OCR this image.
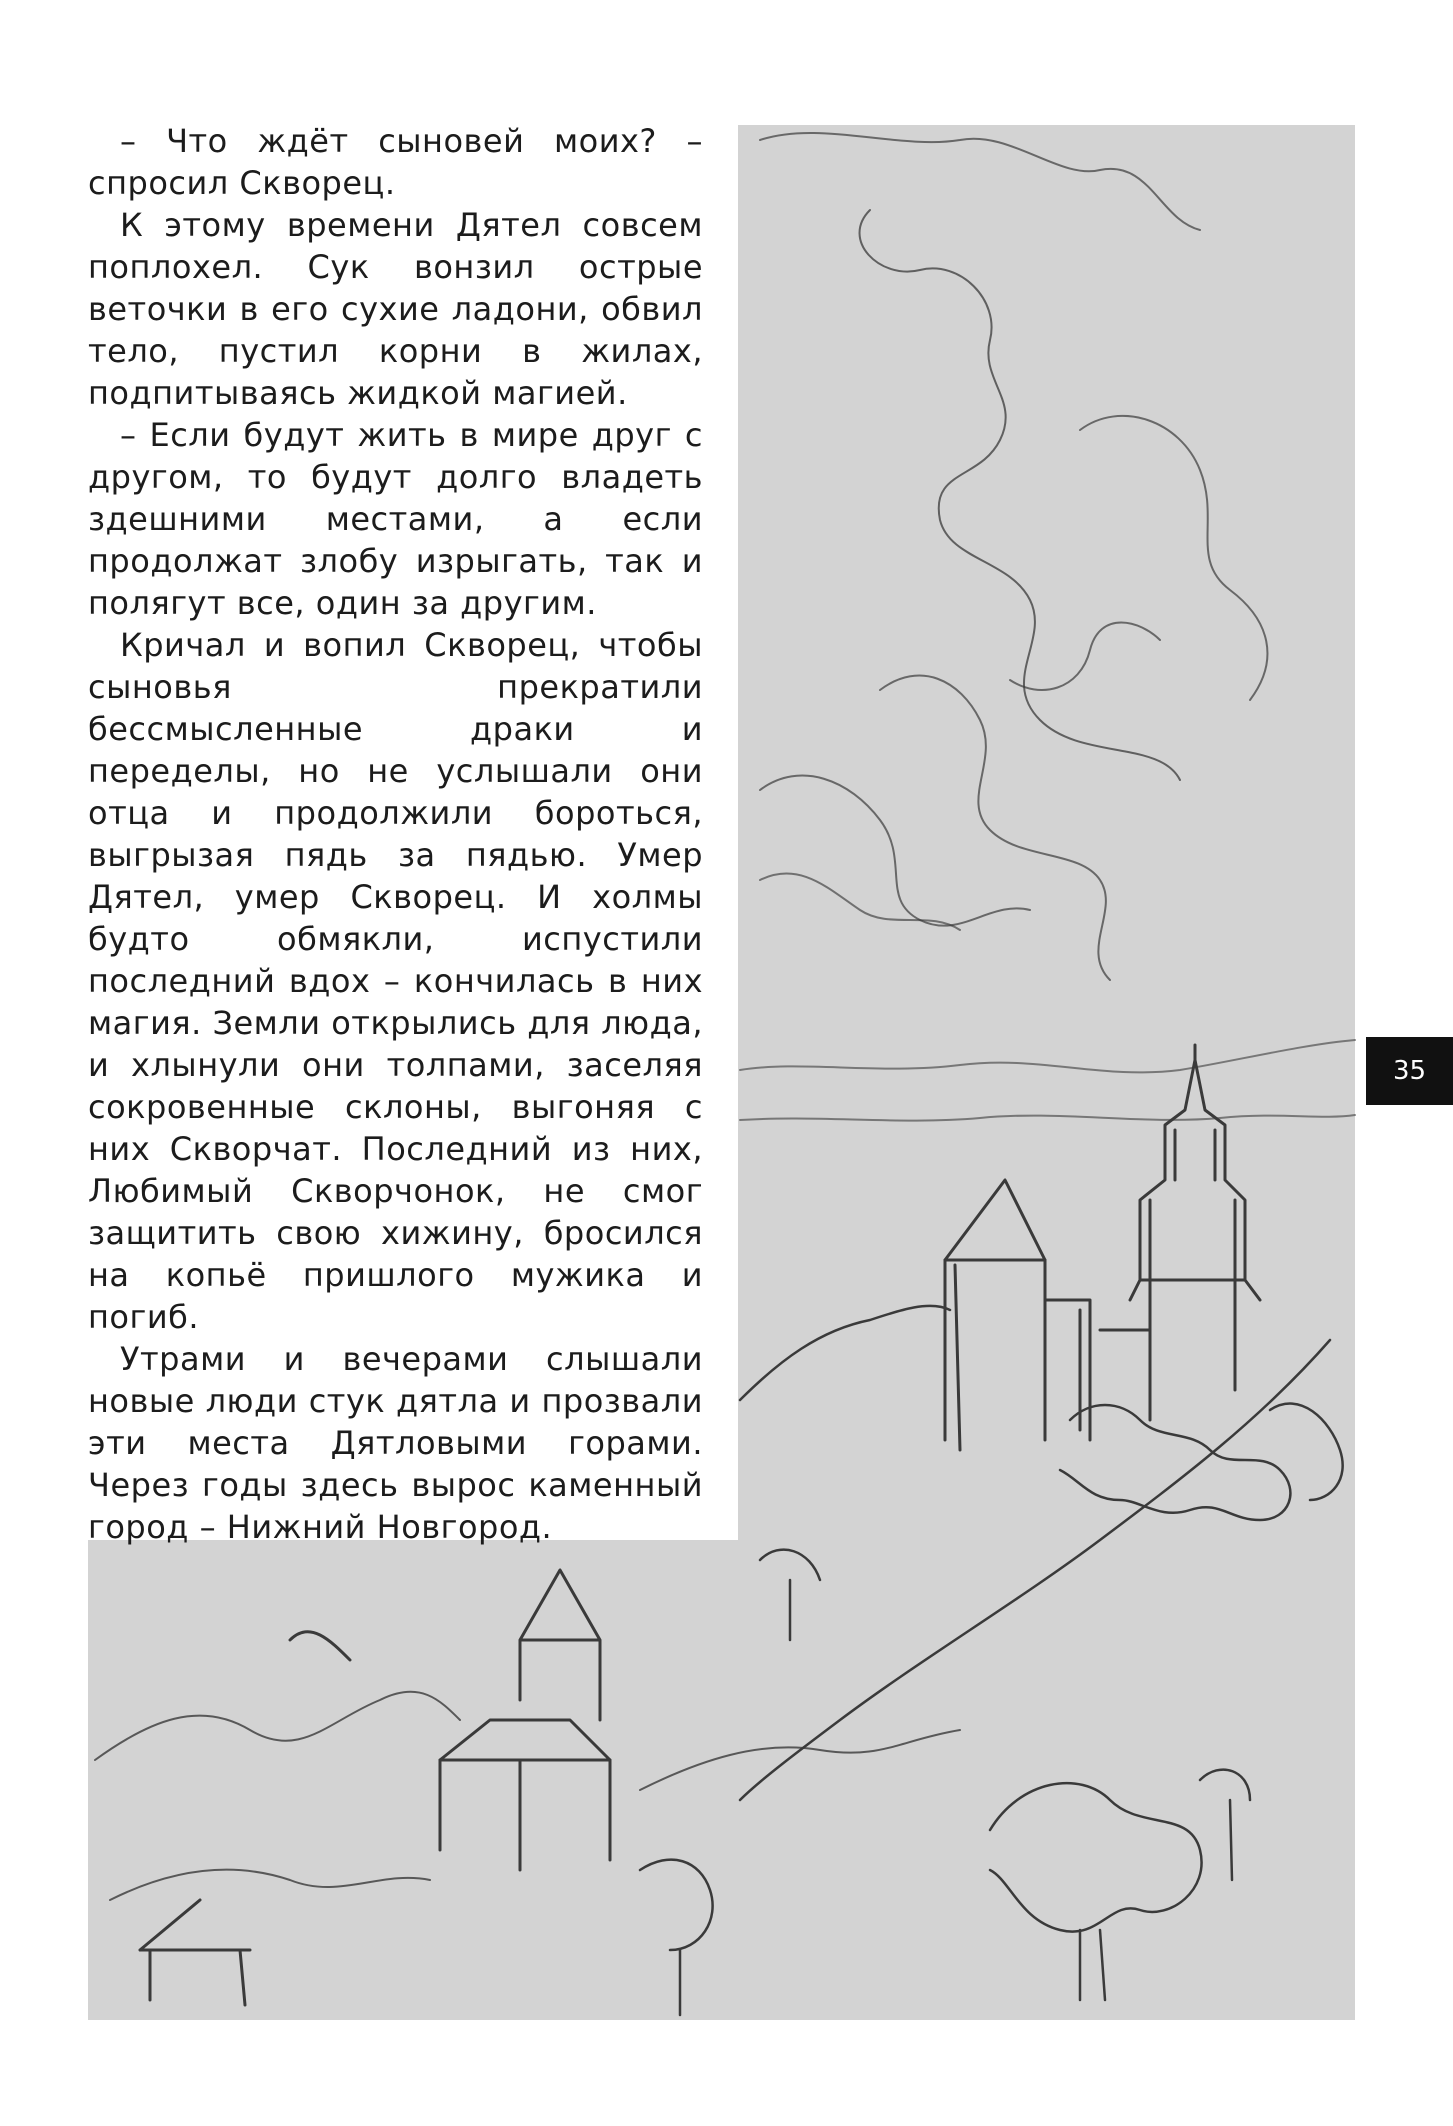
– Что ждёт сыновей моих? – спросил Скворец.

К этому времени Дятел совсем поплохел. Сук вонзил острые веточки в его сухие ладони, обвил тело, пустил корни в жилах, подпитываясь жидкой магией.

– Если будут жить в мире друг с другом, то будут долго владеть здешними местами, а если продолжат злобу изрыгать, так и полягут все, один за другим.

Кричал и вопил Скворец, чтобы сыновья прекратили бессмысленные драки и переделы, но не услышали они отца и продолжили бороться, выгрызая пядь за пядью. Умер Дятел, умер Скворец. И холмы будто обмякли, испустили последний вдох – кончилась в них магия. Земли открылись для люда, и хлынули они толпами, заселяя сокровенные склоны, выгоняя с них Скворчат. Последний из них, Любимый Скворчонок, не смог защитить свою хижину, бросился на копьё пришлого мужика и погиб.

Утрами и вечерами слышали новые люди стук дятла и прозвали эти места Дятловыми горами. Через годы здесь вырос каменный город – Нижний Новгород.

35
